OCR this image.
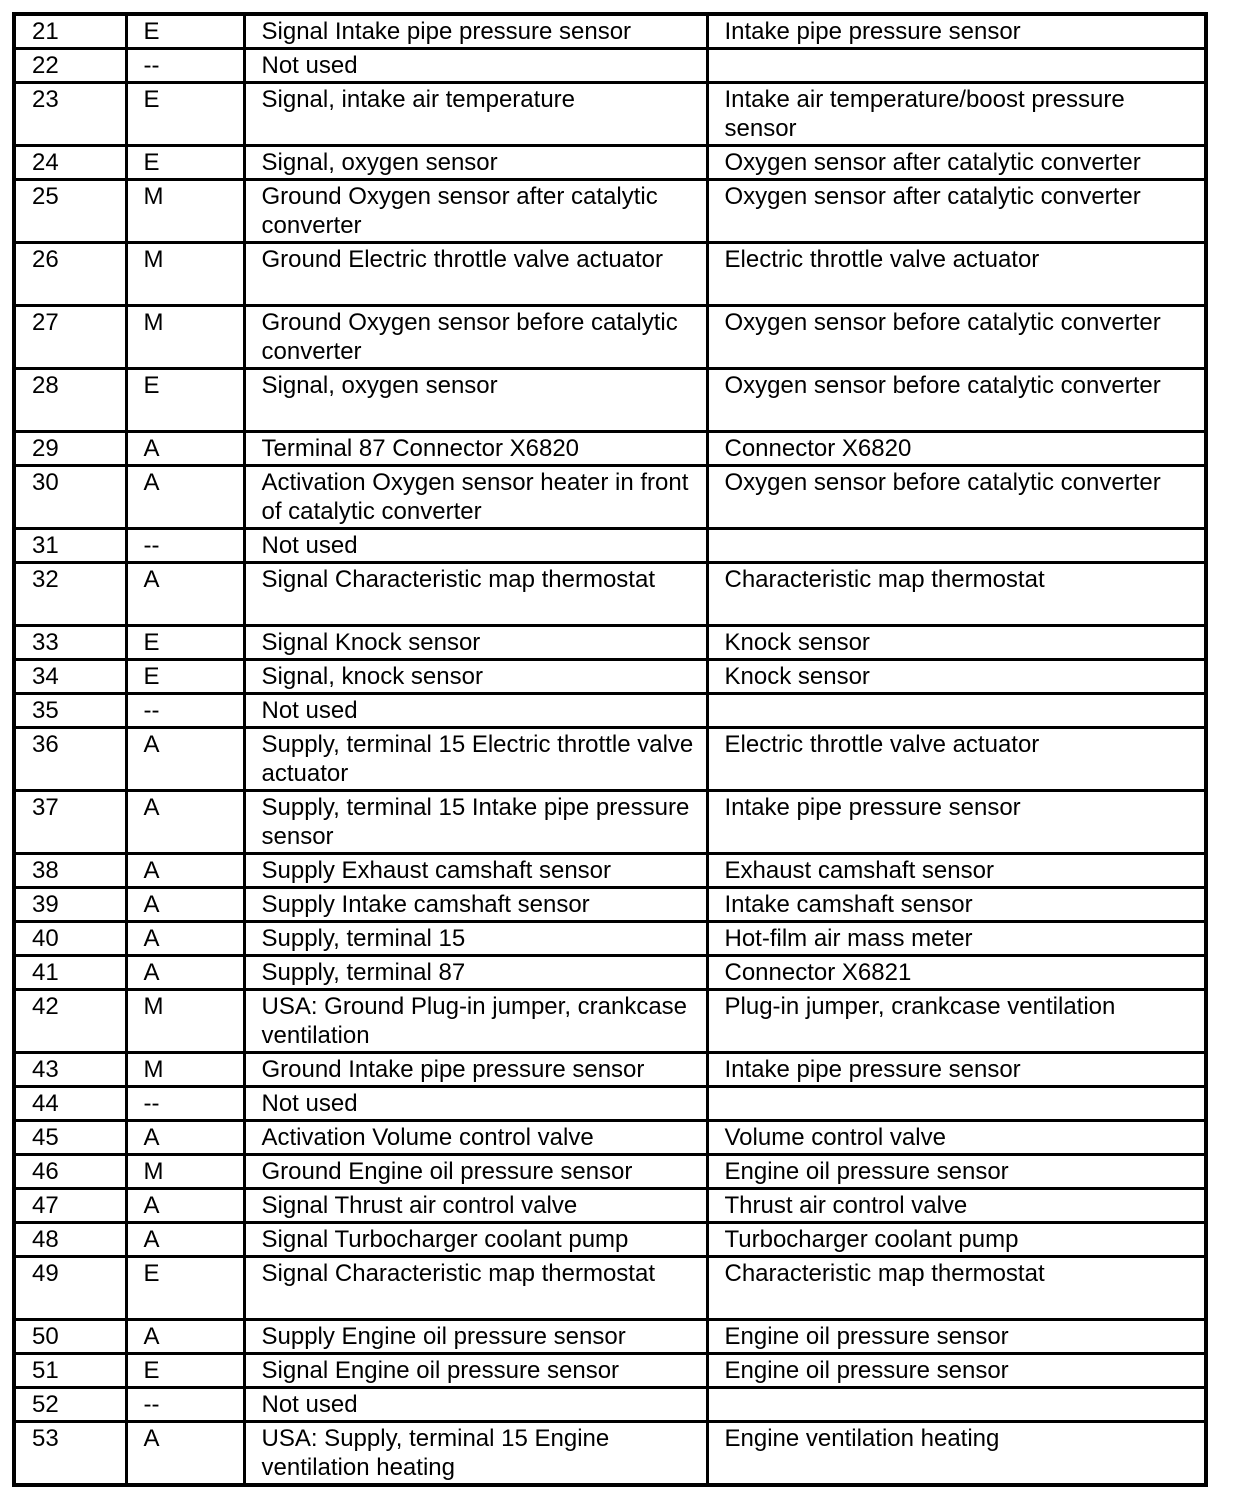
21	E	Signal Intake pipe pressure sensor	Intake pipe pressure sensor
22	--	Not used	
23	E	Signal, intake air temperature	Intake air temperature/boost pressure sensor
24	E	Signal, oxygen sensor	Oxygen sensor after catalytic converter
25	M	Ground Oxygen sensor after catalytic converter	Oxygen sensor after catalytic converter
26	M	Ground Electric throttle valve actuator	Electric throttle valve actuator
27	M	Ground Oxygen sensor before catalytic converter	Oxygen sensor before catalytic converter
28	E	Signal, oxygen sensor	Oxygen sensor before catalytic converter
29	A	Terminal 87 Connector X6820	Connector X6820
30	A	Activation Oxygen sensor heater in front of catalytic converter	Oxygen sensor before catalytic converter
31	--	Not used	
32	A	Signal Characteristic map thermostat	Characteristic map thermostat
33	E	Signal Knock sensor	Knock sensor
34	E	Signal, knock sensor	Knock sensor
35	--	Not used	
36	A	Supply, terminal 15 Electric throttle valve actuator	Electric throttle valve actuator
37	A	Supply, terminal 15 Intake pipe pressure sensor	Intake pipe pressure sensor
38	A	Supply Exhaust camshaft sensor	Exhaust camshaft sensor
39	A	Supply Intake camshaft sensor	Intake camshaft sensor
40	A	Supply, terminal 15	Hot-film air mass meter
41	A	Supply, terminal 87	Connector X6821
42	M	USA: Ground Plug-in jumper, crankcase ventilation	Plug-in jumper, crankcase ventilation
43	M	Ground Intake pipe pressure sensor	Intake pipe pressure sensor
44	--	Not used	
45	A	Activation Volume control valve	Volume control valve
46	M	Ground Engine oil pressure sensor	Engine oil pressure sensor
47	A	Signal Thrust air control valve	Thrust air control valve
48	A	Signal Turbocharger coolant pump	Turbocharger coolant pump
49	E	Signal Characteristic map thermostat	Characteristic map thermostat
50	A	Supply Engine oil pressure sensor	Engine oil pressure sensor
51	E	Signal Engine oil pressure sensor	Engine oil pressure sensor
52	--	Not used	
53	A	USA: Supply, terminal 15 Engine ventilation heating	Engine ventilation heating
